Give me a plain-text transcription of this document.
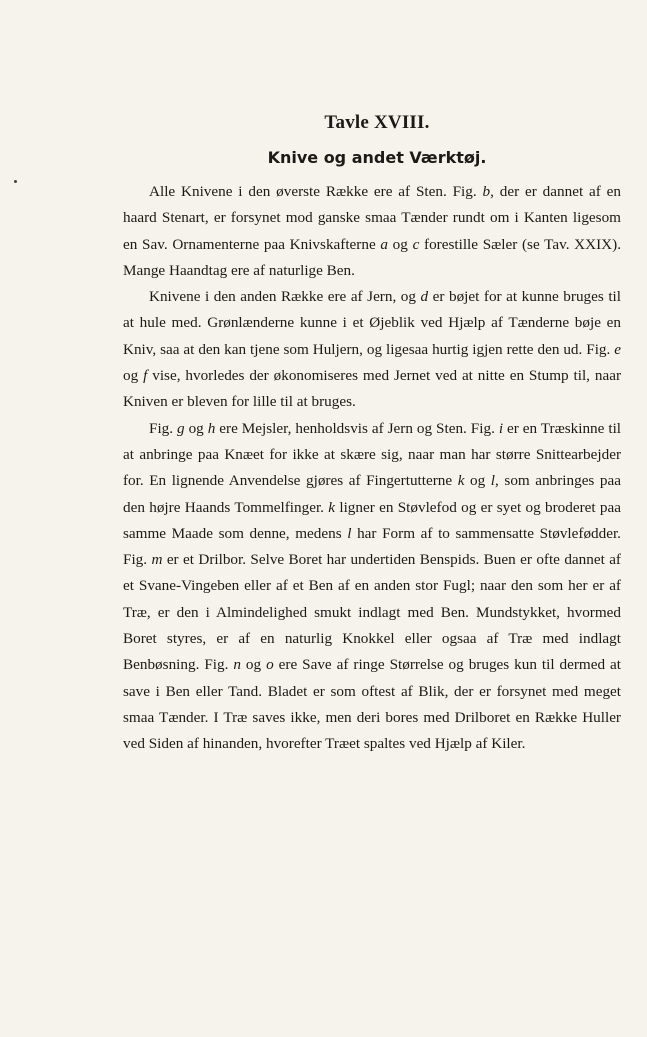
Tavle XVIII.
Knive og andet Værktøj.

Alle Knivene i den øverste Række ere af Sten. Fig. b, der er dannet af en haard Stenart, er forsynet mod ganske smaa Tænder rundt om i Kanten ligesom en Sav. Ornamenterne paa Knivskafterne a og c forestille Sæler (se Tav. XXIX). Mange Haandtag ere af naturlige Ben.

Knivene i den anden Række ere af Jern, og d er bøjet for at kunne bruges til at hule med. Grønlænderne kunne i et Øjeblik ved Hjælp af Tænderne bøje en Kniv, saa at den kan tjene som Huljern, og ligesaa hurtig igjen rette den ud. Fig. e og f vise, hvorledes der økonomiseres med Jernet ved at nitte en Stump til, naar Kniven er bleven for lille til at bruges.

Fig. g og h ere Mejsler, henholdsvis af Jern og Sten. Fig. i er en Træskinne til at anbringe paa Knæet for ikke at skære sig, naar man har større Snittearbejder for. En lignende Anvendelse gjøres af Fingertutterne k og l, som anbringes paa den højre Haands Tommelfinger. k ligner en Støvlefod og er syet og broderet paa samme Maade som denne, medens l har Form af to sammensatte Støvlefødder. Fig. m er et Drilbor. Selve Boret har undertiden Benspids. Buen er ofte dannet af et Svane-Vingeben eller af et Ben af en anden stor Fugl; naar den som her er af Træ, er den i Almindelighed smukt indlagt med Ben. Mundstykket, hvormed Boret styres, er af en naturlig Knokkel eller ogsaa af Træ med indlagt Benbøsning. Fig. n og o ere Save af ringe Størrelse og bruges kun til dermed at save i Ben eller Tand. Bladet er som oftest af Blik, der er forsynet med meget smaa Tænder. I Træ saves ikke, men deri bores med Drilboret en Række Huller ved Siden af hinanden, hvorefter Træet spaltes ved Hjælp af Kiler.
